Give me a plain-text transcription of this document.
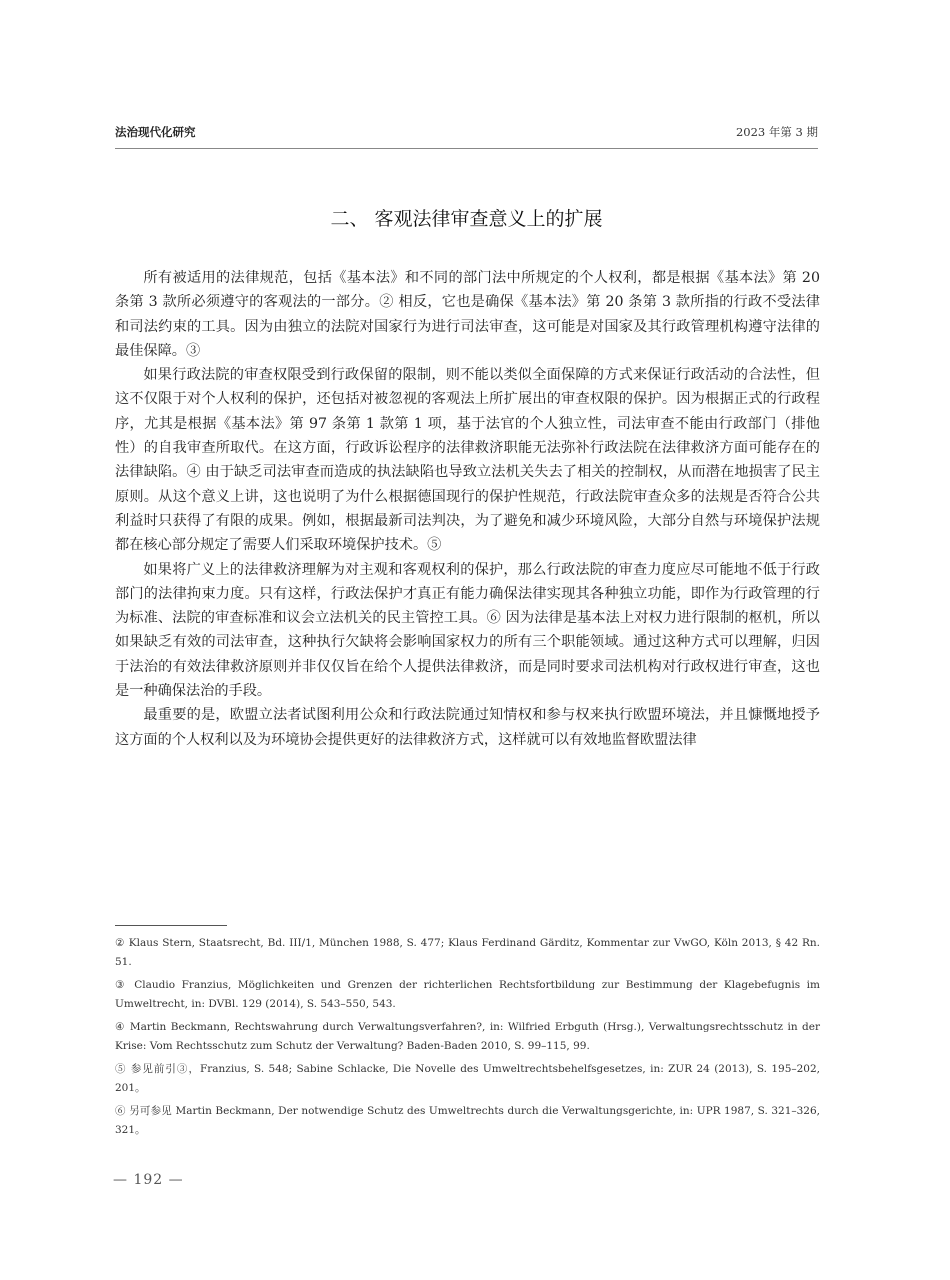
法治现代化研究	2023 年第 3 期
二、 客观法律审查意义上的扩展

所有被适用的法律规范，包括《基本法》和不同的部门法中所规定的个人权利，都是根据《基本法》第 20 条第 3 款所必须遵守的客观法的一部分。② 相反，它也是确保《基本法》第 20 条第 3 款所指的行政不受法律和司法约束的工具。因为由独立的法院对国家行为进行司法审查，这可能是对国家及其行政管理机构遵守法律的最佳保障。③

如果行政法院的审查权限受到行政保留的限制，则不能以类似全面保障的方式来保证行政活动的合法性，但这不仅限于对个人权利的保护，还包括对被忽视的客观法上所扩展出的审查权限的保护。因为根据正式的行政程序，尤其是根据《基本法》第 97 条第 1 款第 1 项，基于法官的个人独立性，司法审查不能由行政部门（排他性）的自我审查所取代。在这方面，行政诉讼程序的法律救济职能无法弥补行政法院在法律救济方面可能存在的法律缺陷。④ 由于缺乏司法审查而造成的执法缺陷也导致立法机关失去了相关的控制权，从而潜在地损害了民主原则。从这个意义上讲，这也说明了为什么根据德国现行的保护性规范，行政法院审查众多的法规是否符合公共利益时只获得了有限的成果。例如，根据最新司法判决，为了避免和减少环境风险，大部分自然与环境保护法规都在核心部分规定了需要人们采取环境保护技术。⑤

如果将广义上的法律救济理解为对主观和客观权利的保护，那么行政法院的审查力度应尽可能地不低于行政部门的法律拘束力度。只有这样，行政法保护才真正有能力确保法律实现其各种独立功能，即作为行政管理的行为标准、法院的审查标准和议会立法机关的民主管控工具。⑥ 因为法律是基本法上对权力进行限制的枢机，所以如果缺乏有效的司法审查，这种执行欠缺将会影响国家权力的所有三个职能领域。通过这种方式可以理解，归因于法治的有效法律救济原则并非仅仅旨在给个人提供法律救济，而是同时要求司法机构对行政权进行审查，这也是一种确保法治的手段。

最重要的是，欧盟立法者试图利用公众和行政法院通过知情权和参与权来执行欧盟环境法，并且慷慨地授予这方面的个人权利以及为环境协会提供更好的法律救济方式，这样就可以有效地监督欧盟法律

② Klaus Stern, Staatsrecht, Bd. III/1, München 1988, S. 477; Klaus Ferdinand Gärditz, Kommentar zur VwGO, Köln 2013, § 42 Rn. 51.

③ Claudio Franzius, Möglichkeiten und Grenzen der richterlichen Rechtsfortbildung zur Bestimmung der Klagebefugnis im Umweltrecht, in: DVBl. 129 (2014), S. 543–550, 543.

④ Martin Beckmann, Rechtswahrung durch Verwaltungsverfahren?, in: Wilfried Erbguth (Hrsg.), Verwaltungsrechtsschutz in der Krise: Vom Rechtsschutz zum Schutz der Verwaltung? Baden-Baden 2010, S. 99–115, 99.

⑤ 参见前引③，Franzius, S. 548; Sabine Schlacke, Die Novelle des Umweltrechtsbehelfsgesetzes, in: ZUR 24 (2013), S. 195–202, 201。

⑥ 另可参见 Martin Beckmann, Der notwendige Schutz des Umweltrechts durch die Verwaltungsgerichte, in: UPR 1987, S. 321–326, 321。

— 192 —
